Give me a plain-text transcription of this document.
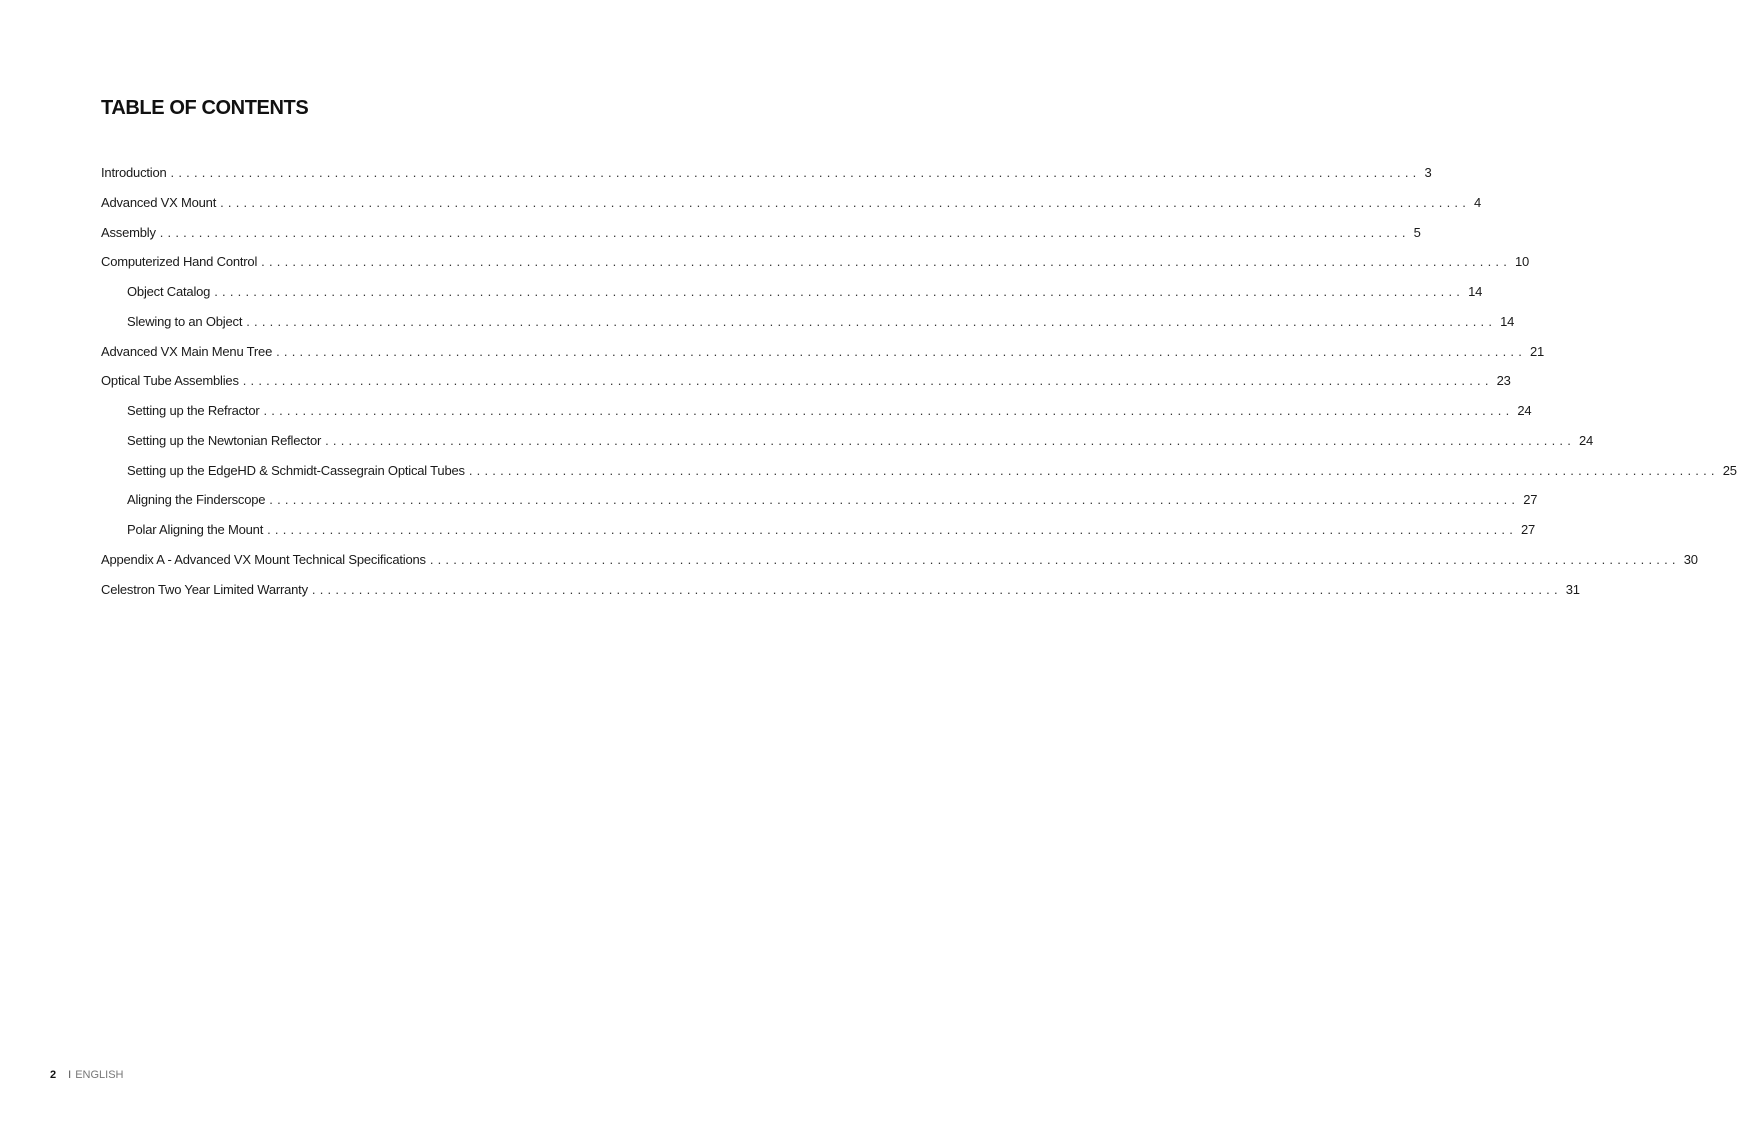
TABLE OF CONTENTS
Introduction ................................................................................................................................................................ 3
Advanced VX Mount ................................................................................................................................................................ 4
Assembly ................................................................................................................................................................ 5
Computerized Hand Control ................................................................................................................................................................ 10
Object Catalog ................................................................................................................................................................ 14
Slewing to an Object ................................................................................................................................................................ 14
Advanced VX Main Menu Tree ................................................................................................................................................................ 21
Optical Tube Assemblies ................................................................................................................................................................ 23
Setting up the Refractor ................................................................................................................................................................ 24
Setting up the Newtonian Reflector ................................................................................................................................................................ 24
Setting up the EdgeHD & Schmidt-Cassegrain Optical Tubes ................................................................................................................................................................ 25
Aligning the Finderscope ................................................................................................................................................................ 27
Polar Aligning the Mount ................................................................................................................................................................ 27
Appendix A - Advanced VX Mount Technical Specifications ................................................................................................................................................................ 30
Celestron Two Year Limited Warranty ................................................................................................................................................................ 31
2 I ENGLISH
